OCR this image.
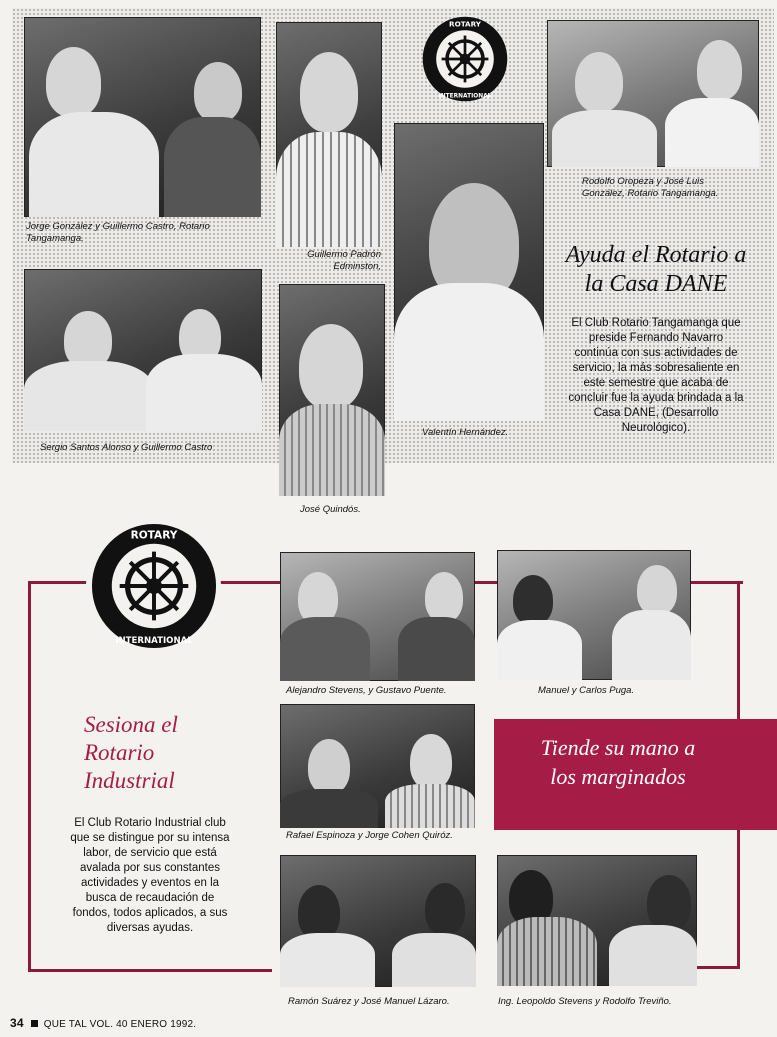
Jorge González y Guillermo Castro, Rotario Tangamanga.
Guillermo Padrón Edminston,
ROTARY
INTERNATIONAL
Rodolfo Oropeza y José Luis González, Rotario Tangamanga.
Sergio Santos Alonso y Guillermo Castro
José Quindós.
Valentín Hernández.
Ayuda el Rotario a la Casa DANE
El Club Rotario Tangamanga que preside Fernando Navarro continúa con sus actividades de servicio, la más sobresaliente en este semestre que acaba de concluir fue la ayuda brindada a la Casa DANE, (Desarrollo Neurológico).
ROTARY
INTERNATIONAL
Alejandro Stevens, y Gustavo Puente.	Manuel y Carlos Puga.
Rafael Espinoza y Jorge Cohen Quiróz.
Tiende su mano a los marginados
Sesiona el Rotario Industrial
El Club Rotario Industrial club que se distingue por su intensa labor, de servicio que está avalada por sus constantes actividades y eventos en la busca de recaudación de fondos, todos aplicados, a sus diversas ayudas.
Ramón Suárez y José Manuel Lázaro.	Ing. Leopoldo Stevens y Rodolfo Treviño.
34 QUE TAL VOL. 40 ENERO 1992.
